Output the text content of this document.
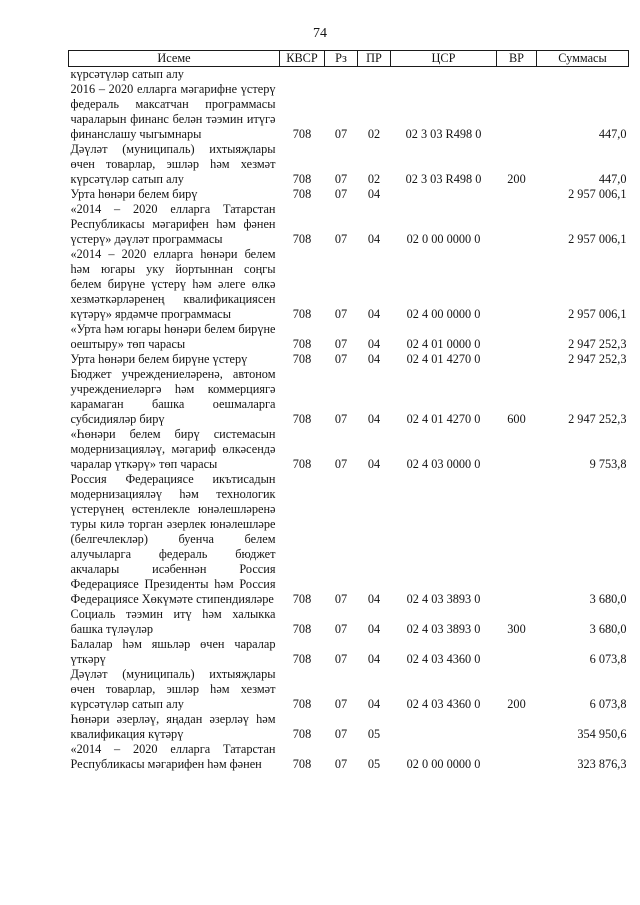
74
Исеме	КВСР	Рз	ПР	ЦСР	ВР	Суммасы
күрсәтүләр сатып алу						
2016 – 2020 елларга мәгарифне үстерү федераль максатчан программасы чараларын финанс белән тәэмин итүгә финанслашу чыгымнары	708	07	02	02 3 03 R498 0		447,0
Дәүләт (муниципаль) ихтыяҗлары өчен товарлар, эшләр һәм хезмәт күрсәтүләр сатып алу	708	07	02	02 3 03 R498 0	200	447,0
Урта һөнәри белем бирү	708	07	04			2 957 006,1
«2014 – 2020 елларга Татарстан Республикасы мәгарифен һәм фәнен үстерү» дәүләт программасы	708	07	04	02 0 00 0000 0		2 957 006,1
«2014 – 2020 елларга һөнәри белем һәм югары уку йортыннан соңгы белем бирүне үстерү һәм әлеге өлкә хезмәткәрләренең квалификациясен күтәрү» ярдәмче программасы	708	07	04	02 4 00 0000 0		2 957 006,1
«Урта һәм югары һөнәри белем бирүне оештыру» төп чарасы	708	07	04	02 4 01 0000 0		2 947 252,3
Урта һөнәри белем бирүне үстерү	708	07	04	02 4 01 4270 0		2 947 252,3
Бюджет учреждениеләренә, автоном учреждениеләргә һәм коммерциягә карамаган башка оешмаларга субсидияләр бирү	708	07	04	02 4 01 4270 0	600	2 947 252,3
«Һөнәри белем бирү системасын модернизацияләү, мәгариф өлкәсендә чаралар үткәрү» төп чарасы	708	07	04	02 4 03 0000 0		9 753,8
Россия Федерациясе икътисадын модернизацияләү һәм технологик үстерүнең өстенлекле юнәлешләренә туры килә торган әзерлек юнәлешләре (белгечлекләр) буенча белем алучыларга федераль бюджет акчалары исәбеннән Россия Федерациясе Президенты һәм Россия Федерациясе Хөкүмәте стипендияләре	708	07	04	02 4 03 3893 0		3 680,0
Социаль тәэмин итү һәм халыкка башка түләүләр	708	07	04	02 4 03 3893 0	300	3 680,0
Балалар һәм яшьләр өчен чаралар үткәрү	708	07	04	02 4 03 4360 0		6 073,8
Дәүләт (муниципаль) ихтыяҗлары өчен товарлар, эшләр һәм хезмәт күрсәтүләр сатып алу	708	07	04	02 4 03 4360 0	200	6 073,8
Һөнәри әзерләү, яңадан әзерләү һәм квалификация күтәрү	708	07	05			354 950,6
«2014 – 2020 елларга Татарстан Республикасы мәгарифен һәм фәнен	708	07	05	02 0 00 0000 0		323 876,3
